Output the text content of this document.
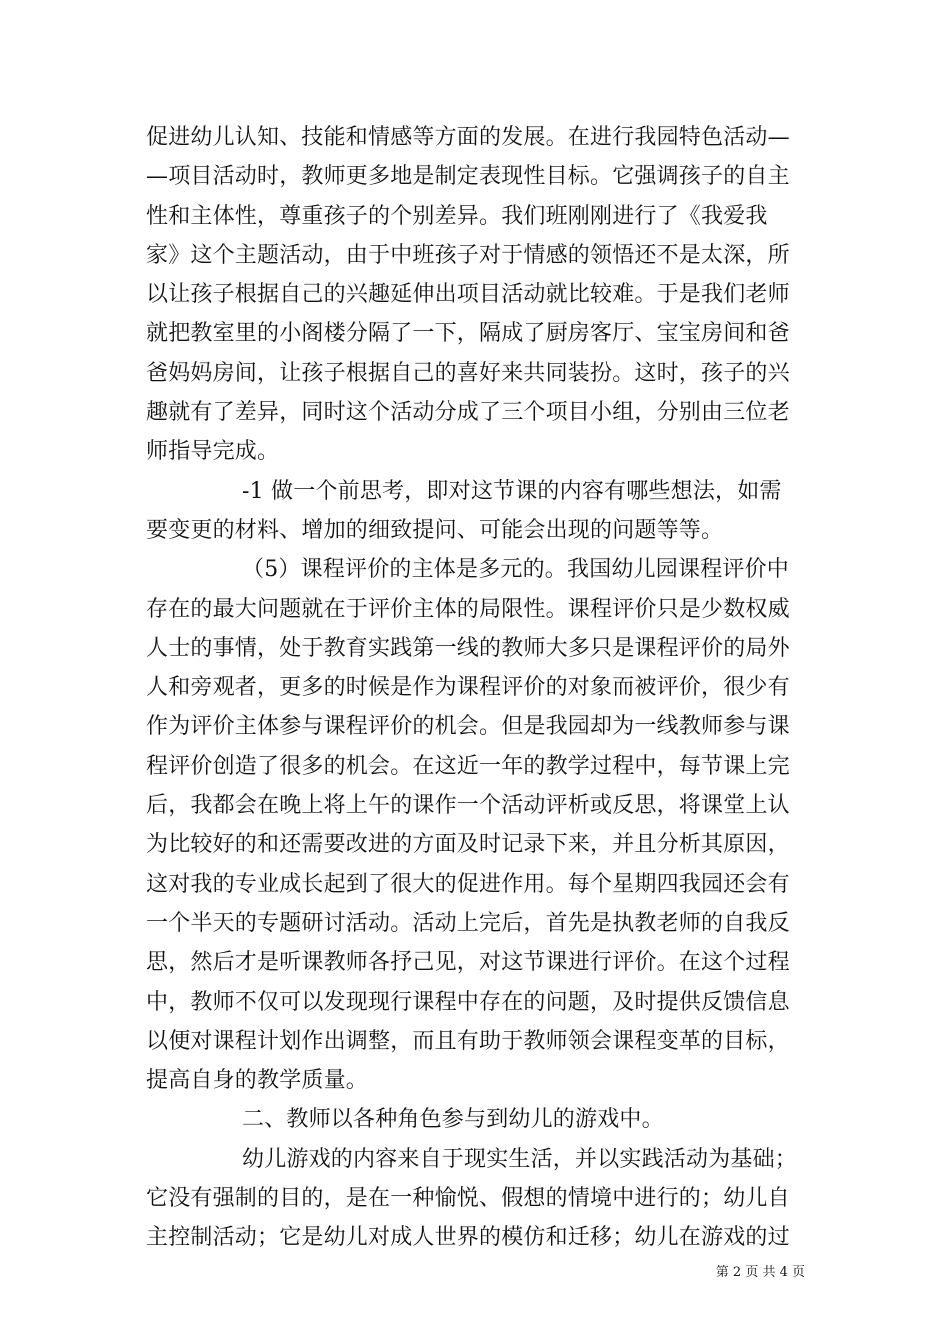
促进幼儿认知、技能和情感等方面的发展。在进行我园特色活动—
—项目活动时，教师更多地是制定表现性目标。它强调孩子的自主
性和主体性，尊重孩子的个别差异。我们班刚刚进行了《我爱我
家》这个主题活动，由于中班孩子对于情感的领悟还不是太深，所
以让孩子根据自己的兴趣延伸出项目活动就比较难。于是我们老师
就把教室里的小阁楼分隔了一下，隔成了厨房客厅、宝宝房间和爸
爸妈妈房间，让孩子根据自己的喜好来共同装扮。这时，孩子的兴
趣就有了差异，同时这个活动分成了三个项目小组，分别由三位老
师指导完成。
-1 做一个前思考，即对这节课的内容有哪些想法，如需
要变更的材料、增加的细致提问、可能会出现的问题等等。
（5）课程评价的主体是多元的。我国幼儿园课程评价中
存在的最大问题就在于评价主体的局限性。课程评价只是少数权威
人士的事情，处于教育实践第一线的教师大多只是课程评价的局外
人和旁观者，更多的时候是作为课程评价的对象而被评价，很少有
作为评价主体参与课程评价的机会。但是我园却为一线教师参与课
程评价创造了很多的机会。在这近一年的教学过程中，每节课上完
后，我都会在晚上将上午的课作一个活动评析或反思，将课堂上认
为比较好的和还需要改进的方面及时记录下来，并且分析其原因，
这对我的专业成长起到了很大的促进作用。每个星期四我园还会有
一个半天的专题研讨活动。活动上完后，首先是执教老师的自我反
思，然后才是听课教师各抒己见，对这节课进行评价。在这个过程
中，教师不仅可以发现现行课程中存在的问题，及时提供反馈信息
以便对课程计划作出调整，而且有助于教师领会课程变革的目标，
提高自身的教学质量。
二、教师以各种角色参与到幼儿的游戏中。
幼儿游戏的内容来自于现实生活，并以实践活动为基础；
它没有强制的目的，是在一种愉悦、假想的情境中进行的；幼儿自
主控制活动；它是幼儿对成人世界的模仿和迁移；幼儿在游戏的过
第 2 页 共 4 页
